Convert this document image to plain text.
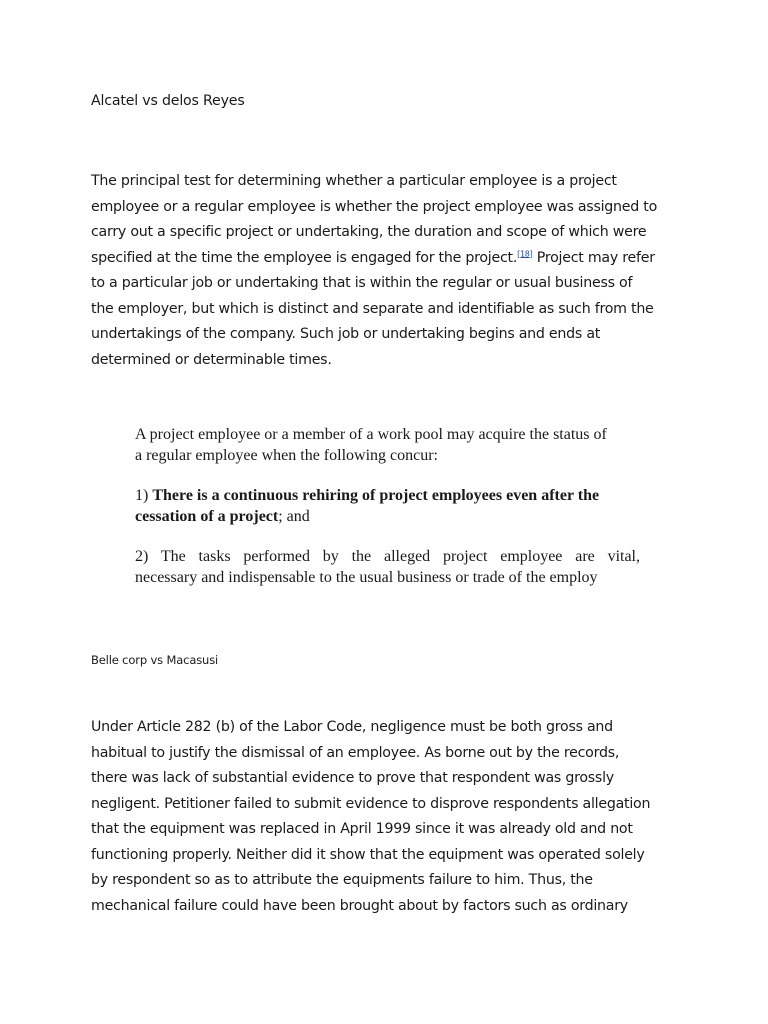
Alcatel vs delos Reyes
The principal test for determining whether a particular employee is a project
employee or a regular employee is whether the project employee was assigned to
carry out a specific project or undertaking, the duration and scope of which were
specified at the time the employee is engaged for the project.[18] Project may refer
to a particular job or undertaking that is within the regular or usual business of
the employer, but which is distinct and separate and identifiable as such from the
undertakings of the company. Such job or undertaking begins and ends at
determined or determinable times.
A project employee or a member of a work pool may acquire the status of
a regular employee when the following concur:
1) There is a continuous rehiring of project employees even after the
cessation of a project; and
2) The tasks performed by the alleged project employee are vital,
necessary and indispensable to the usual business or trade of the employ
Belle corp vs Macasusi
Under Article 282 (b) of the Labor Code, negligence must be both gross and
habitual to justify the dismissal of an employee. As borne out by the records,
there was lack of substantial evidence to prove that respondent was grossly
negligent. Petitioner failed to submit evidence to disprove respondents allegation
that the equipment was replaced in April 1999 since it was already old and not
functioning properly. Neither did it show that the equipment was operated solely
by respondent so as to attribute the equipments failure to him. Thus, the
mechanical failure could have been brought about by factors such as ordinary
